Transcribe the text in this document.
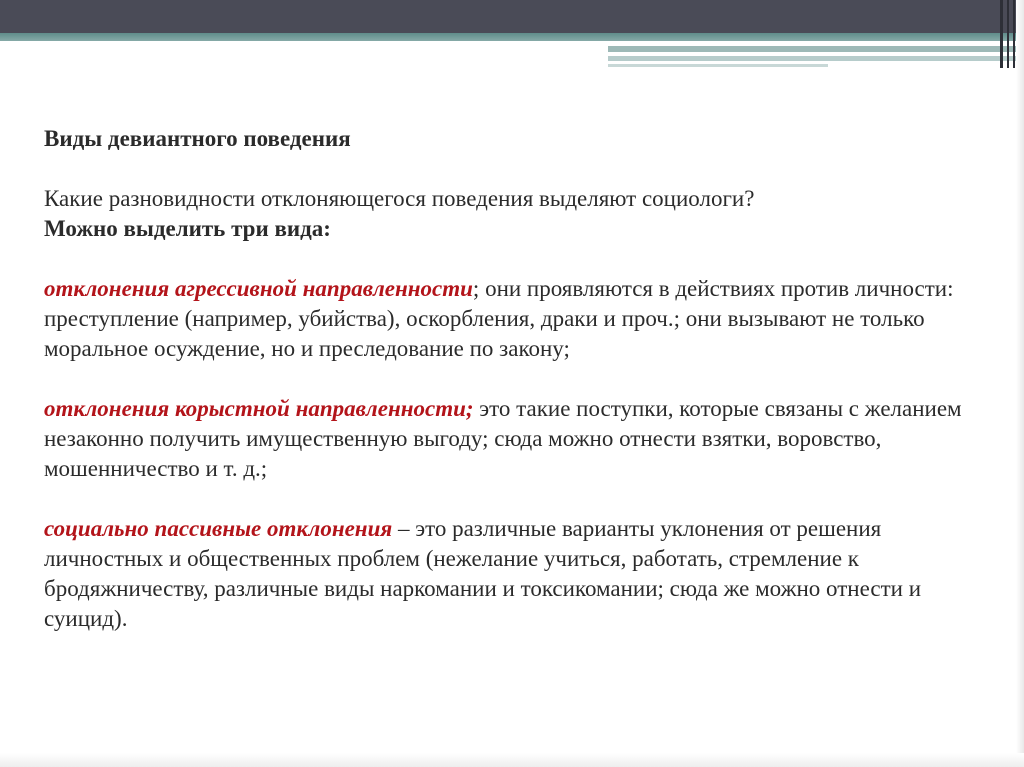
Виды девиантного поведения

Какие разновидности отклоняющегося поведения выделяют социологи?

Можно выделить три вида:

отклонения агрессивной направленности; они проявляются в действиях против личности: преступление (например, убийства), оскорбления, драки и проч.; они вызывают не только моральное осуждение, но и преследование по закону;

отклонения корыстной направленности; это такие поступки, которые связаны с желанием незаконно получить имущественную выгоду; сюда можно отнести взятки, воровство, мошенничество и т. д.;

социально пассивные отклонения – это различные варианты уклонения от решения личностных и общественных проблем (нежелание учиться, работать, стремление к бродяжничеству, различные виды наркомании и токсикомании; сюда же можно отнести и суицид).
